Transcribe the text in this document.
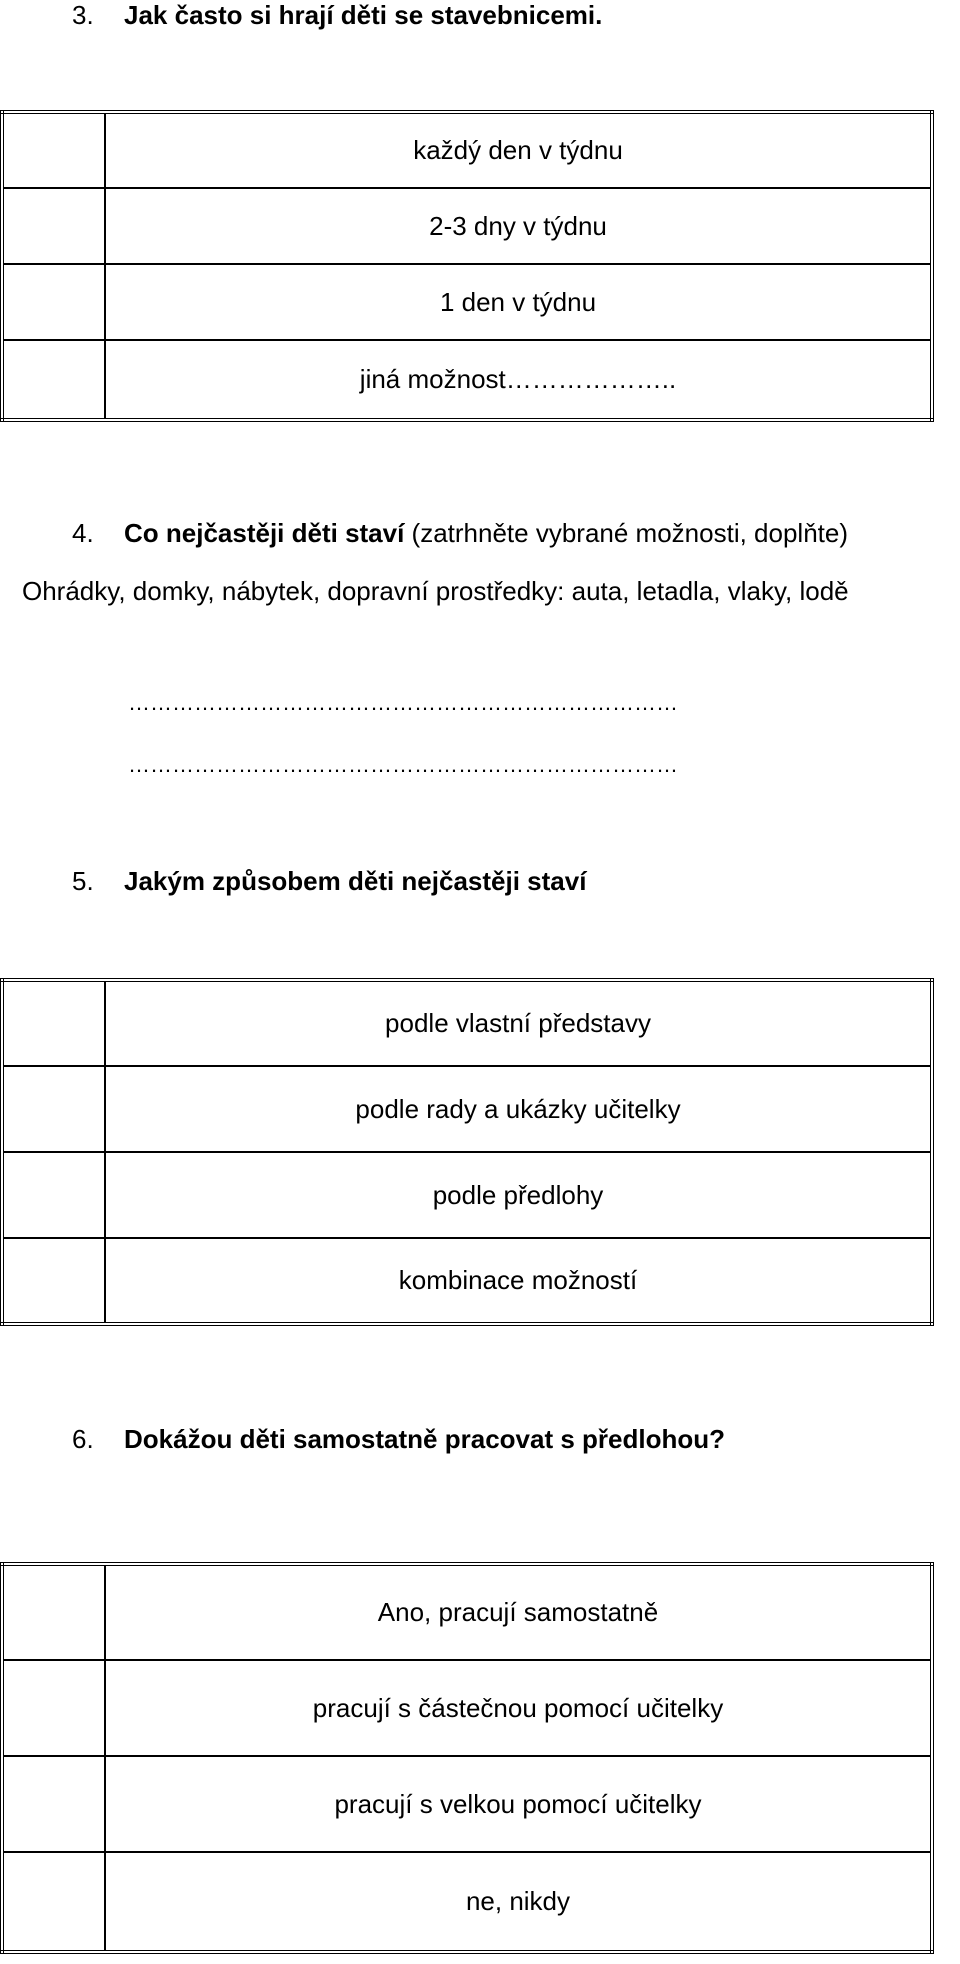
3. Jak často si hrají děti se stavebnicemi.
	každý den v týdnu
	2-3 dny v týdnu
	1 den v týdnu
	jiná možnost………………..
4. Co nejčastěji děti staví (zatrhněte vybrané možnosti, doplňte)
Ohrádky, domky, nábytek, dopravní prostředky: auta, letadla, vlaky, lodě
…………………………………………………………………
…………………………………………………………………
5. Jakým způsobem děti nejčastěji staví
	podle vlastní představy
	podle rady a ukázky učitelky
	podle předlohy
	kombinace možností
6. Dokážou děti samostatně pracovat s předlohou?
	Ano, pracují samostatně
	pracují s částečnou pomocí učitelky
	pracují s velkou pomocí učitelky
	ne, nikdy
